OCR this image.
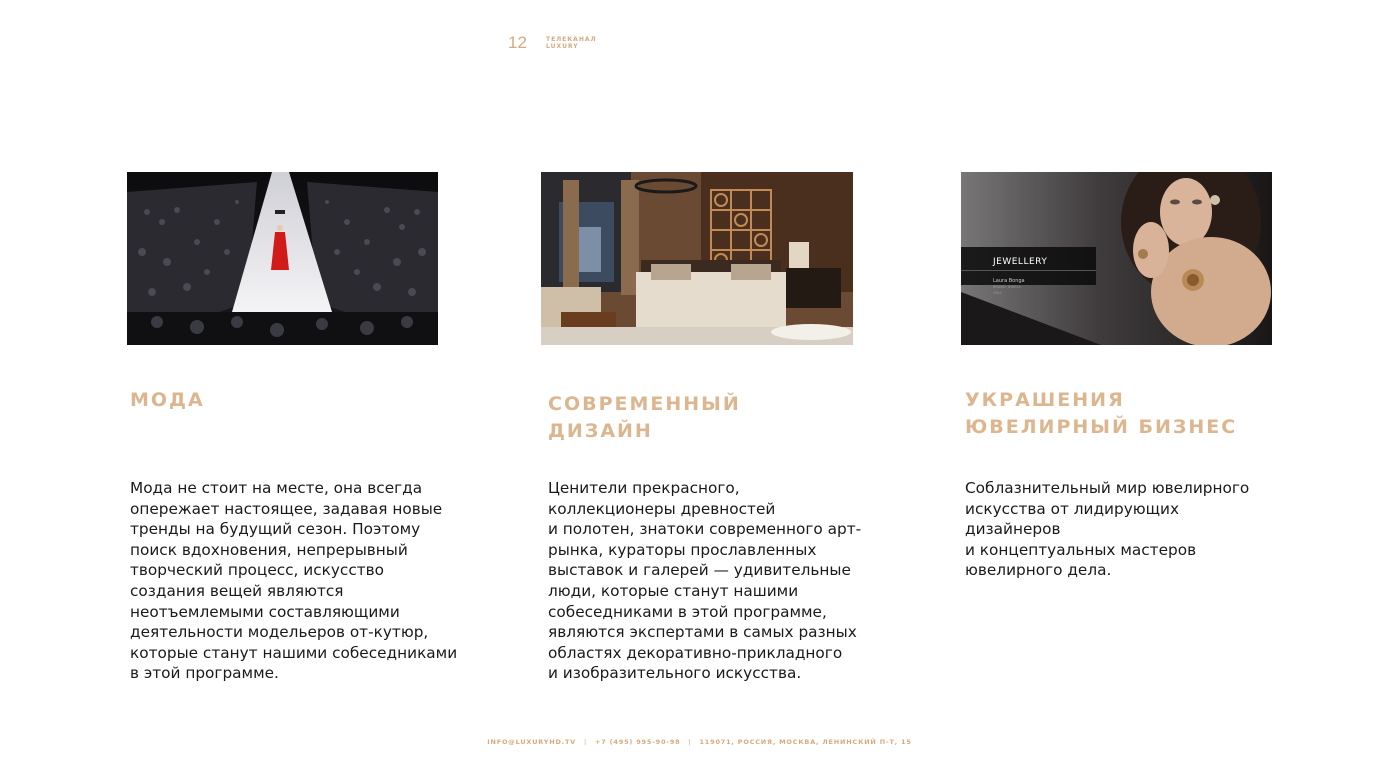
12	ТЕЛЕКАНАЛ
LUXURY
JEWELLERY
Laura Bonga
BRAND: JEWELS
ITALY
МОДА	СОВРЕМЕННЫЙ
ДИЗАЙН
УКРАШЕНИЯ
ЮВЕЛИРНЫЙ БИЗНЕС
Мода не стоит на месте, она всегда
опережает настоящее, задавая новые
тренды на будущий сезон. Поэтому
поиск вдохновения, непрерывный
творческий процесс, искусство
создания вещей являются
неотъемлемыми составляющими
деятельности модельеров от-кутюр,
которые станут нашими собеседниками
в этой программе.
Ценители прекрасного,
коллекционеры древностей
и полотен, знатоки современного арт-
рынка, кураторы прославленных
выставок и галерей — удивительные
люди, которые станут нашими
собеседниками в этой программе,
являются экспертами в самых разных
областях декоративно-прикладного
и изобразительного искусства.
Соблазнительный мир ювелирного
искусства от лидирующих
дизайнеров
и концептуальных мастеров
ювелирного дела.
INFO@LUXURYHD.TV | +7 (495) 995-90-98 | 119071, РОССИЯ, МОСКВА, ЛЕНИНСКИЙ П-Т, 15
